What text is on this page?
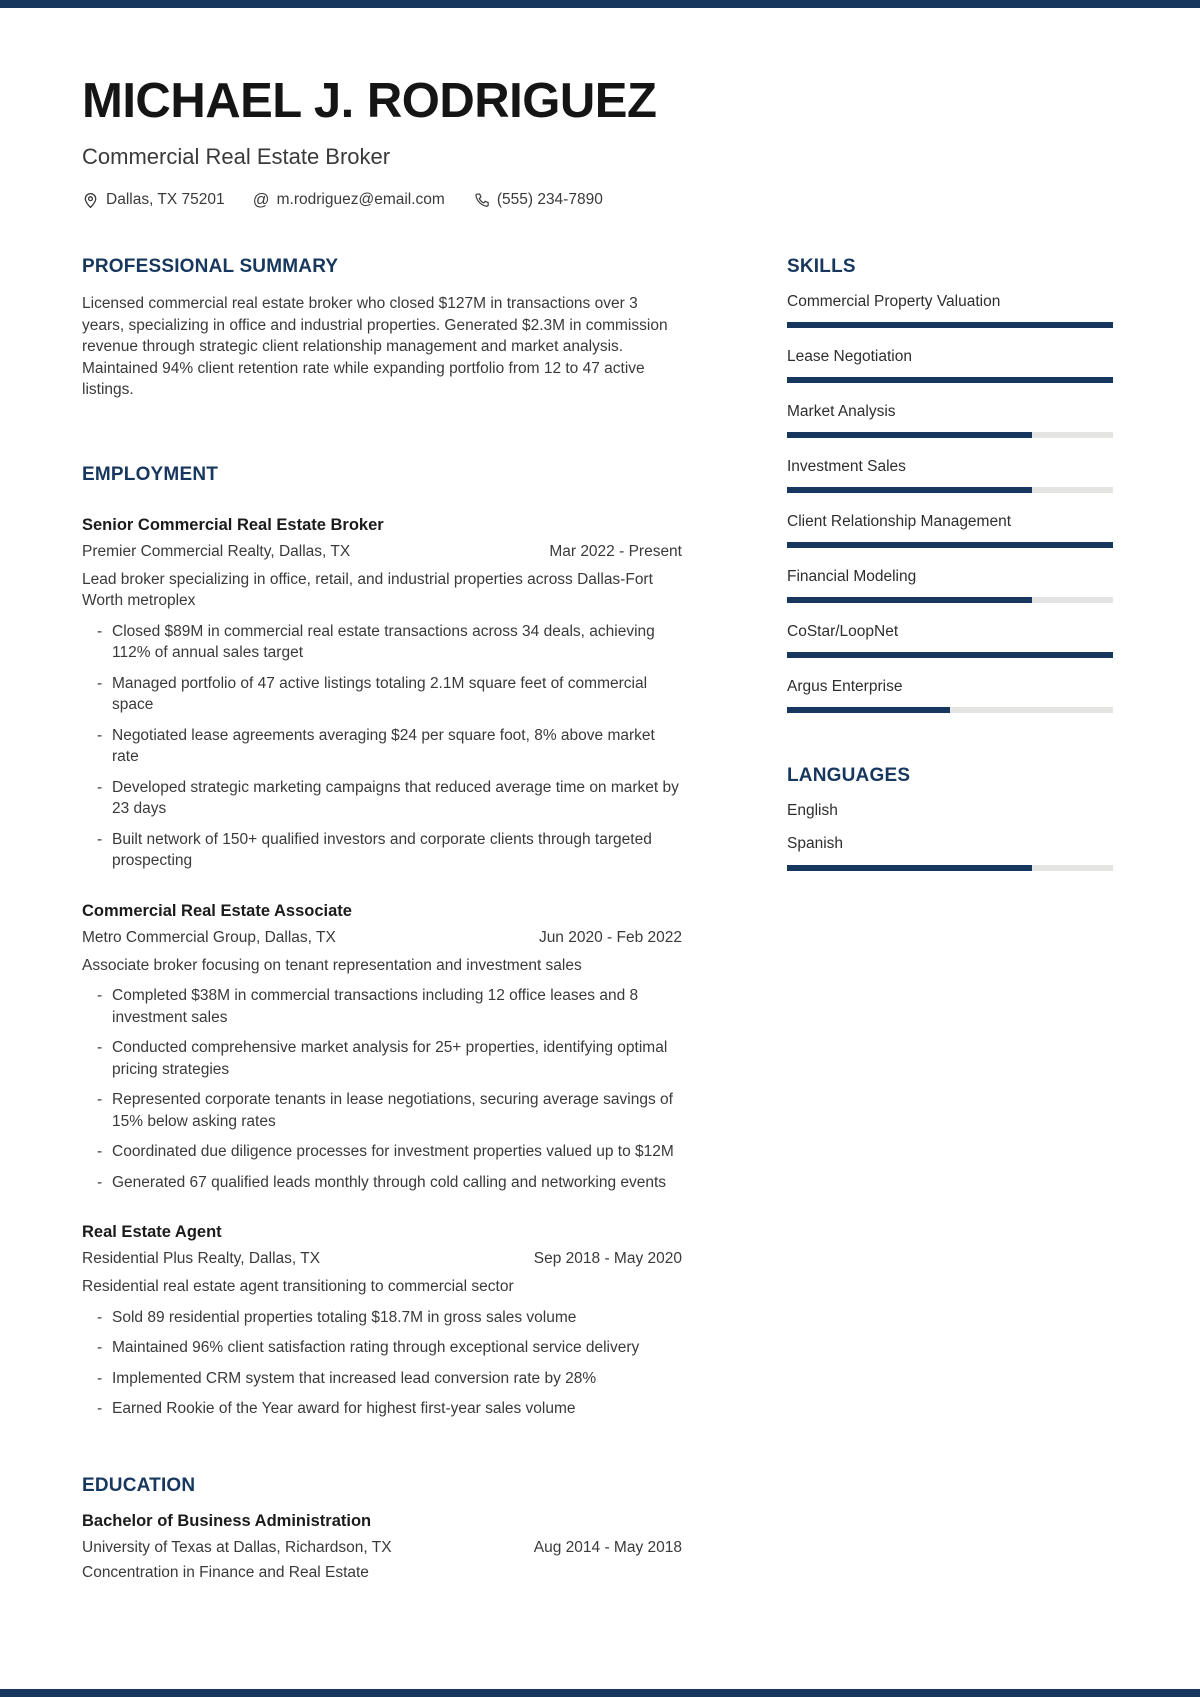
MICHAEL J. RODRIGUEZ
Commercial Real Estate Broker
Dallas, TX 75201 @ m.rodriguez@email.com	(555) 234-7890
PROFESSIONAL SUMMARY
Licensed commercial real estate broker who closed $127M in transactions over 3 years, specializing in office and industrial properties. Generated $2.3M in commission revenue through strategic client relationship management and market analysis. Maintained 94% client retention rate while expanding portfolio from 12 to 47 active listings.
EMPLOYMENT
Senior Commercial Real Estate Broker
Premier Commercial Realty, Dallas, TX	Mar 2022 - Present
Lead broker specializing in office, retail, and industrial properties across Dallas-Fort Worth metroplex
- Closed $89M in commercial real estate transactions across 34 deals, achieving 112% of annual sales target
- Managed portfolio of 47 active listings totaling 2.1M square feet of commercial space
- Negotiated lease agreements averaging $24 per square foot, 8% above market rate
- Developed strategic marketing campaigns that reduced average time on market by 23 days
- Built network of 150+ qualified investors and corporate clients through targeted prospecting
Commercial Real Estate Associate
Metro Commercial Group, Dallas, TX	Jun 2020 - Feb 2022
Associate broker focusing on tenant representation and investment sales
- Completed $38M in commercial transactions including 12 office leases and 8 investment sales
- Conducted comprehensive market analysis for 25+ properties, identifying optimal pricing strategies
- Represented corporate tenants in lease negotiations, securing average savings of 15% below asking rates
- Coordinated due diligence processes for investment properties valued up to $12M
- Generated 67 qualified leads monthly through cold calling and networking events
Real Estate Agent
Residential Plus Realty, Dallas, TX	Sep 2018 - May 2020
Residential real estate agent transitioning to commercial sector
- Sold 89 residential properties totaling $18.7M in gross sales volume
- Maintained 96% client satisfaction rating through exceptional service delivery
- Implemented CRM system that increased lead conversion rate by 28%
- Earned Rookie of the Year award for highest first-year sales volume
EDUCATION
Bachelor of Business Administration
University of Texas at Dallas, Richardson, TX	Aug 2014 - May 2018
Concentration in Finance and Real Estate
SKILLS
Commercial Property Valuation
Lease Negotiation
Market Analysis
Investment Sales
Client Relationship Management
Financial Modeling
CoStar/LoopNet
Argus Enterprise
LANGUAGES
English
Spanish
